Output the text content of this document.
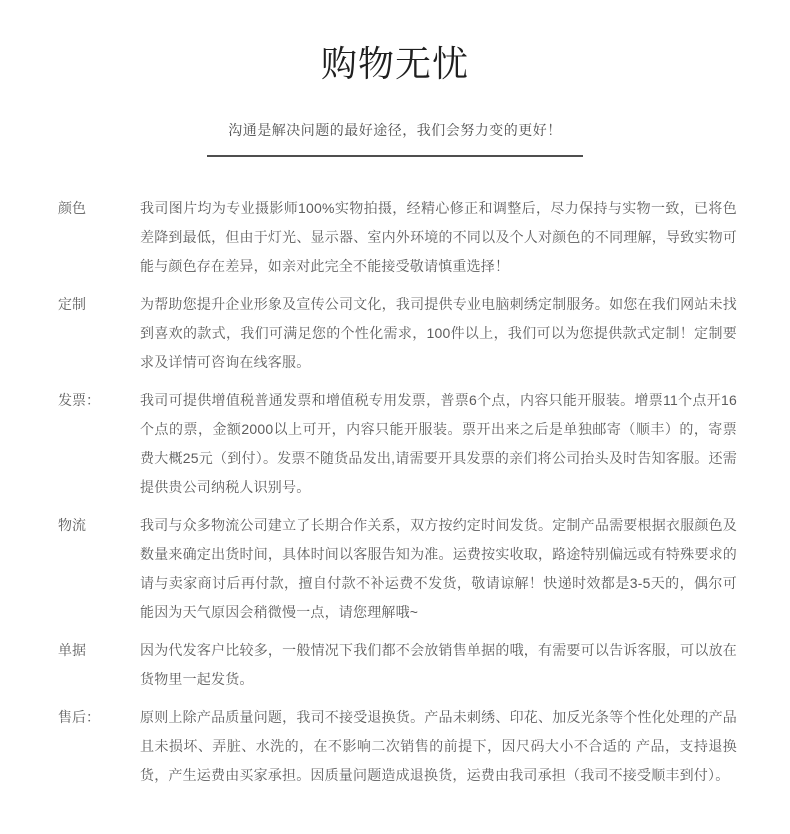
购物无忧
沟通是解决问题的最好途径，我们会努力变的更好！
颜色	我司图片均为专业摄影师100%实物拍摄，经精心修正和调整后，尽力保持与实物一致，已将色差降到最低，但由于灯光、显示器、室内外环境的不同以及个人对颜色的不同理解，导致实物可能与颜色存在差异，如亲对此完全不能接受敬请慎重选择！
定制	为帮助您提升企业形象及宣传公司文化，我司提供专业电脑刺绣定制服务。如您在我们网站未找到喜欢的款式，我们可满足您的个性化需求，100件以上，我们可以为您提供款式定制！定制要求及详情可咨询在线客服。
发票：	我司可提供增值税普通发票和增值税专用发票，普票6个点，内容只能开服装。增票11个点开16个点的票，金额2000以上可开，内容只能开服装。票开出来之后是单独邮寄（顺丰）的，寄票费大概25元（到付）。发票不随货品发出,请需要开具发票的亲们将公司抬头及时告知客服。还需提供贵公司纳税人识别号。
物流	我司与众多物流公司建立了长期合作关系，双方按约定时间发货。定制产品需要根据衣服颜色及数量来确定出货时间，具体时间以客服告知为准。运费按实收取，路途特别偏远或有特殊要求的请与卖家商讨后再付款，擅自付款不补运费不发货，敬请谅解！快递时效都是3-5天的，偶尔可能因为天气原因会稍微慢一点，请您理解哦~
单据	因为代发客户比较多，一般情况下我们都不会放销售单据的哦，有需要可以告诉客服，可以放在货物里一起发货。
售后：	原则上除产品质量问题，我司不接受退换货。产品未刺绣、印花、加反光条等个性化处理的产品且未损坏、弄脏、水洗的，在不影响二次销售的前提下，因尺码大小不合适的 产品，支持退换货，产生运费由买家承担。因质量问题造成退换货，运费由我司承担（我司不接受顺丰到付）。
